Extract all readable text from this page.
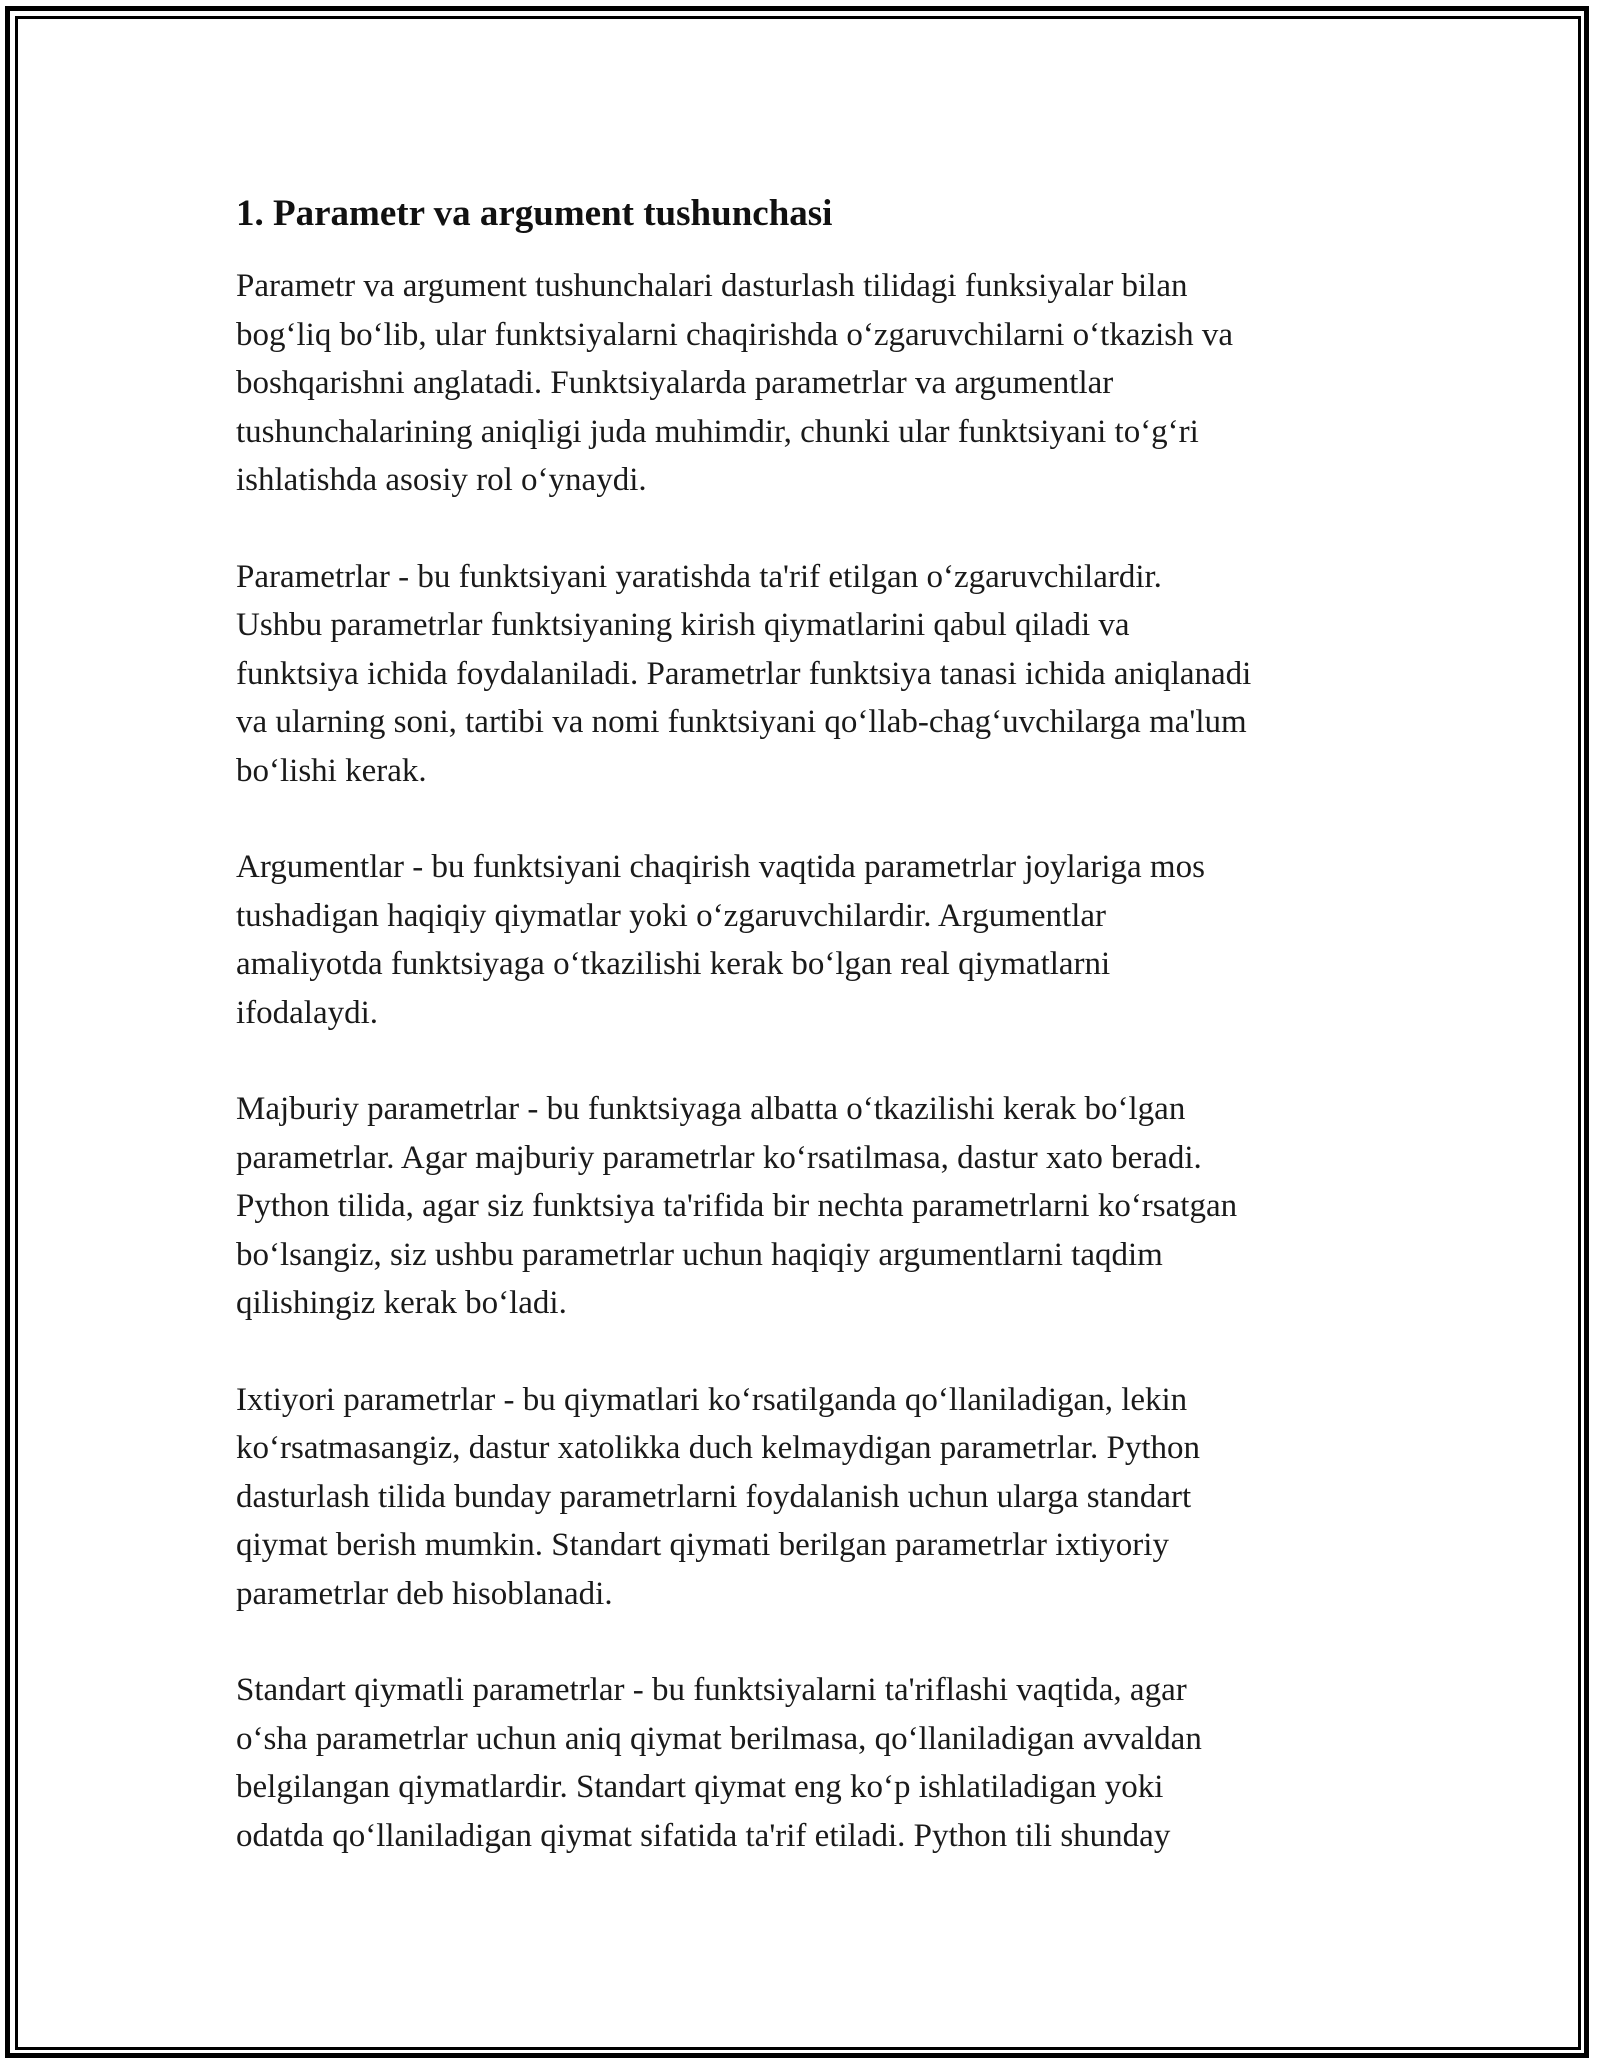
1. Parametr va argument tushunchasi

Parametr va argument tushunchalari dasturlash tilidagi funksiyalar bilan
bog‘liq bo‘lib, ular funktsiyalarni chaqirishda o‘zgaruvchilarni o‘tkazish va
boshqarishni anglatadi. Funktsiyalarda parametrlar va argumentlar
tushunchalarining aniqligi juda muhimdir, chunki ular funktsiyani to‘g‘ri
ishlatishda asosiy rol o‘ynaydi.

Parametrlar - bu funktsiyani yaratishda ta'rif etilgan o‘zgaruvchilardir.
Ushbu parametrlar funktsiyaning kirish qiymatlarini qabul qiladi va
funktsiya ichida foydalaniladi. Parametrlar funktsiya tanasi ichida aniqlanadi
va ularning soni, tartibi va nomi funktsiyani qo‘llab-chag‘uvchilarga ma'lum
bo‘lishi kerak.

Argumentlar - bu funktsiyani chaqirish vaqtida parametrlar joylariga mos
tushadigan haqiqiy qiymatlar yoki o‘zgaruvchilardir. Argumentlar
amaliyotda funktsiyaga o‘tkazilishi kerak bo‘lgan real qiymatlarni
ifodalaydi.

Majburiy parametrlar - bu funktsiyaga albatta o‘tkazilishi kerak bo‘lgan
parametrlar. Agar majburiy parametrlar ko‘rsatilmasa, dastur xato beradi.
Python tilida, agar siz funktsiya ta'rifida bir nechta parametrlarni ko‘rsatgan
bo‘lsangiz, siz ushbu parametrlar uchun haqiqiy argumentlarni taqdim
qilishingiz kerak bo‘ladi.

Ixtiyori parametrlar - bu qiymatlari ko‘rsatilganda qo‘llaniladigan, lekin
ko‘rsatmasangiz, dastur xatolikka duch kelmaydigan parametrlar. Python
dasturlash tilida bunday parametrlarni foydalanish uchun ularga standart
qiymat berish mumkin. Standart qiymati berilgan parametrlar ixtiyoriy
parametrlar deb hisoblanadi.

Standart qiymatli parametrlar - bu funktsiyalarni ta'riflashi vaqtida, agar
o‘sha parametrlar uchun aniq qiymat berilmasa, qo‘llaniladigan avvaldan
belgilangan qiymatlardir. Standart qiymat eng ko‘p ishlatiladigan yoki
odatda qo‘llaniladigan qiymat sifatida ta'rif etiladi. Python tili shunday
